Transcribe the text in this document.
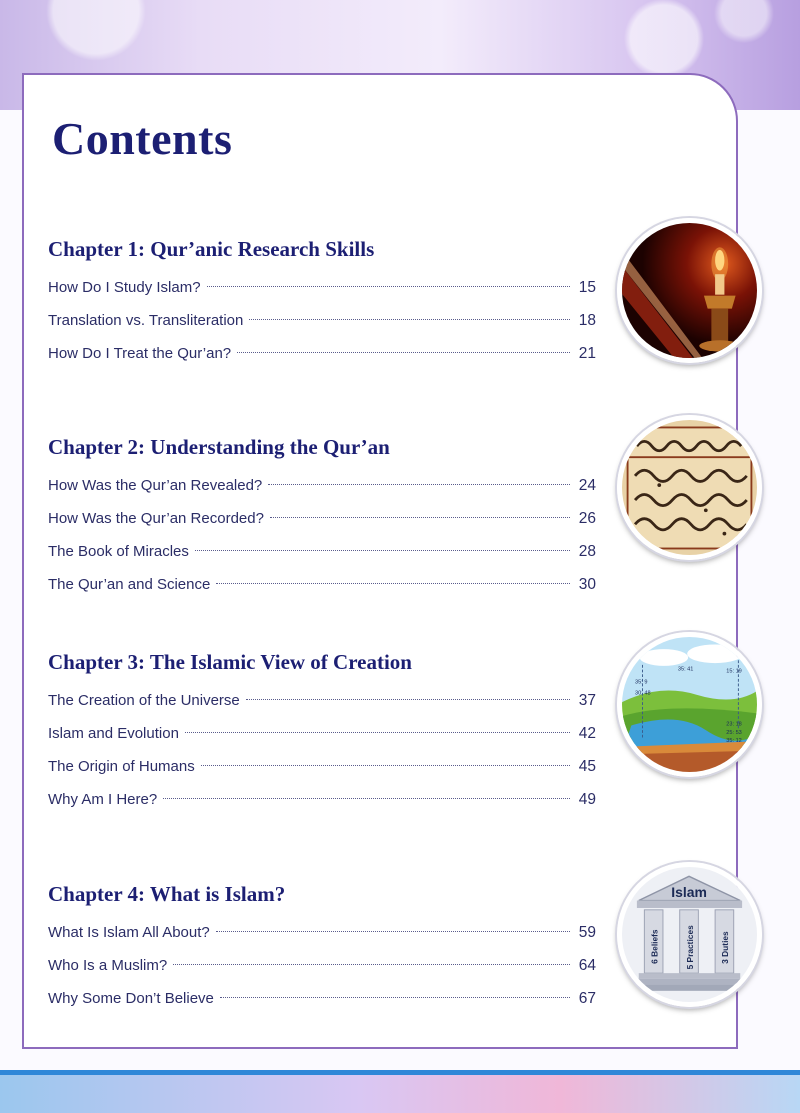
Contents
Chapter 1: Qur’anic Research Skills
How Do I Study Islam?	15
Translation vs. Transliteration	18
How Do I Treat the Qur’an?	21
Chapter 2: Understanding the Qur’an
How Was the Qur’an Revealed?	24
How Was the Qur’an Recorded?	26
The Book of Miracles	28
The Qur’an and Science	30
Chapter 3: The Islamic View of Creation
The Creation of the Universe	37
Islam and Evolution	42
The Origin of Humans	45
Why Am I Here?	49
Chapter 4: What is Islam?
What Is Islam All About?	59
Who Is a Muslim?	64
Why Some Don’t Believe	67
35: 41	15: 19
35: 9
30: 48
23: 18
25: 53
35: 12
Islam
6 Beliefs	5 Practices	3 Duties
